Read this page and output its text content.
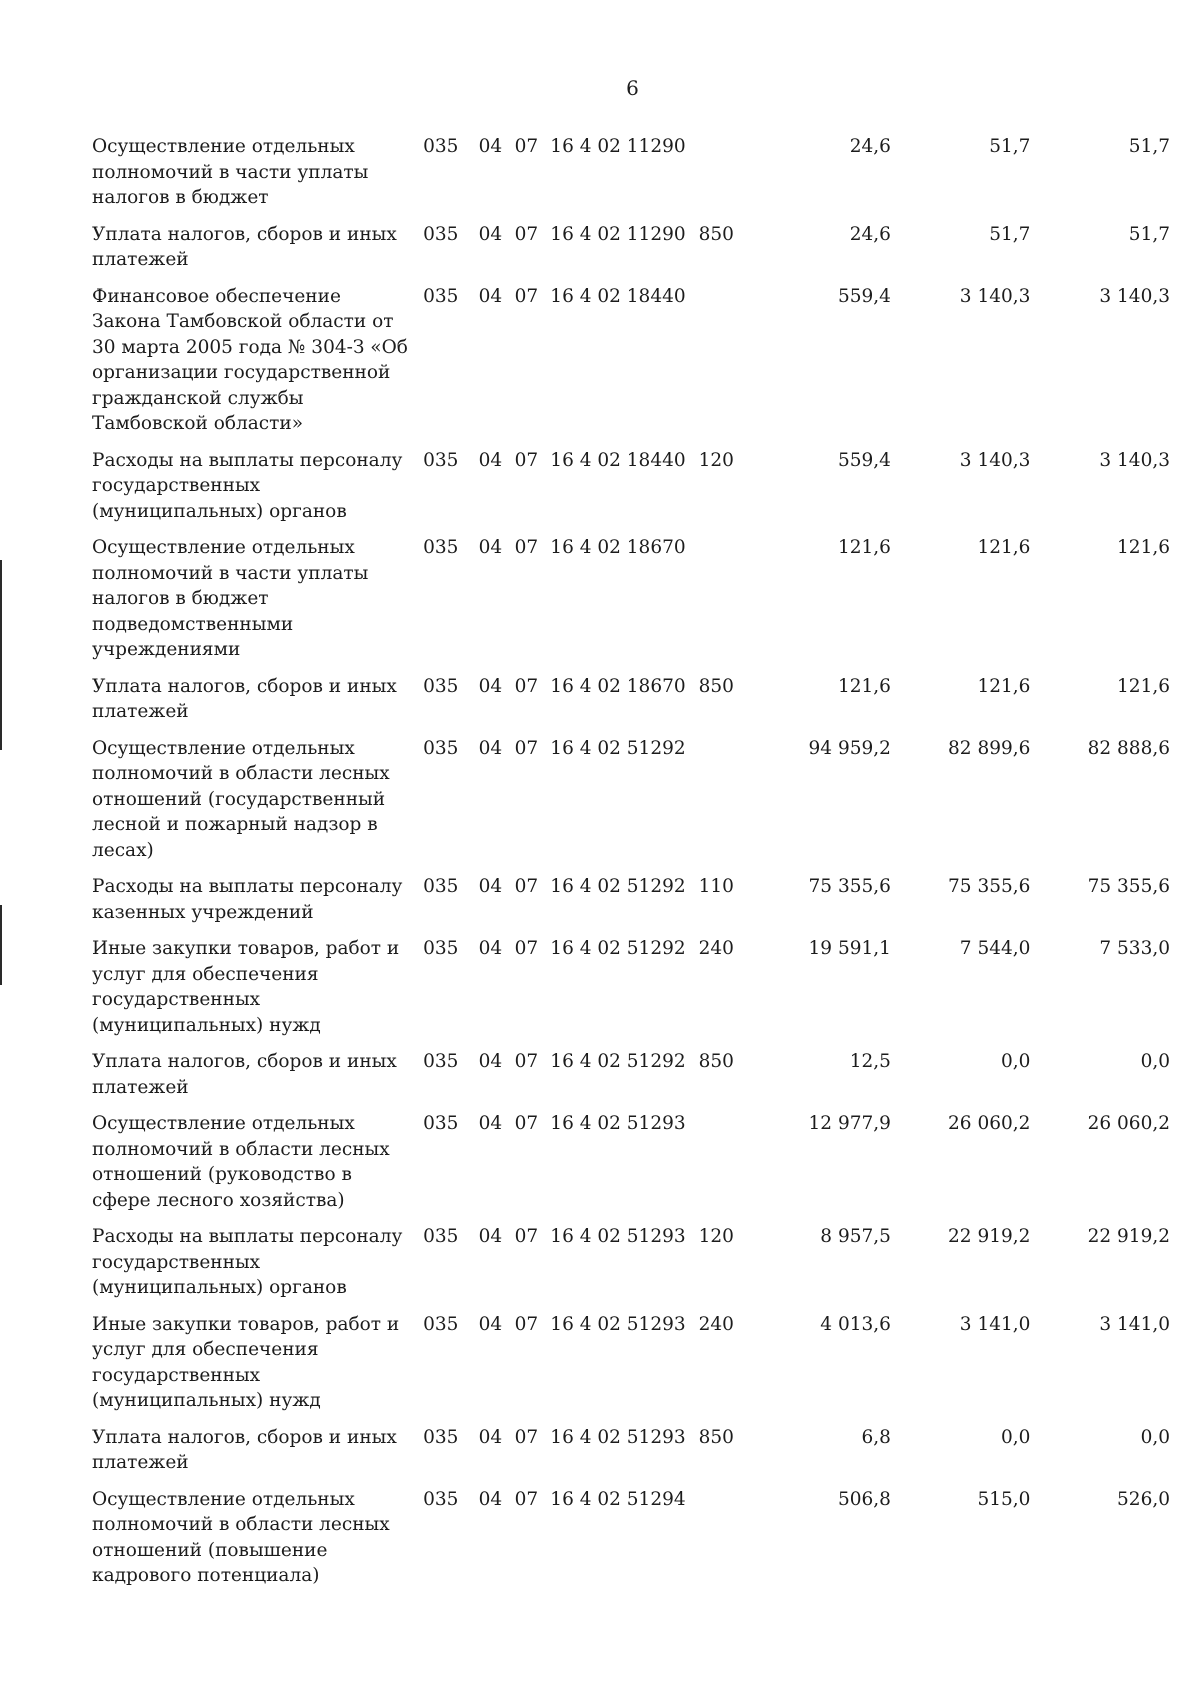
6
Осуществление отдельных полномочий в части уплаты налогов в бюджет	035	04	07	16 4 02 11290		24,6	51,7	51,7
Уплата налогов, сборов и иных платежей	035	04	07	16 4 02 11290	850	24,6	51,7	51,7
Финансовое обеспечение Закона Тамбовской области от 30 марта 2005 года № 304-З «Об организации государственной гражданской службы Тамбовской области»	035	04	07	16 4 02 18440		559,4	3 140,3	3 140,3
Расходы на выплаты персоналу государственных (муниципальных) органов	035	04	07	16 4 02 18440	120	559,4	3 140,3	3 140,3
Осуществление отдельных полномочий в части уплаты налогов в бюджет подведомственными учреждениями	035	04	07	16 4 02 18670		121,6	121,6	121,6
Уплата налогов, сборов и иных платежей	035	04	07	16 4 02 18670	850	121,6	121,6	121,6
Осуществление отдельных полномочий в области лесных отношений (государственный лесной и пожарный надзор в лесах)	035	04	07	16 4 02 51292		94 959,2	82 899,6	82 888,6
Расходы на выплаты персоналу казенных учреждений	035	04	07	16 4 02 51292	110	75 355,6	75 355,6	75 355,6
Иные закупки товаров, работ и услуг для обеспечения государственных (муниципальных) нужд	035	04	07	16 4 02 51292	240	19 591,1	7 544,0	7 533,0
Уплата налогов, сборов и иных платежей	035	04	07	16 4 02 51292	850	12,5	0,0	0,0
Осуществление отдельных полномочий в области лесных отношений (руководство в сфере лесного хозяйства)	035	04	07	16 4 02 51293		12 977,9	26 060,2	26 060,2
Расходы на выплаты персоналу государственных (муниципальных) органов	035	04	07	16 4 02 51293	120	8 957,5	22 919,2	22 919,2
Иные закупки товаров, работ и услуг для обеспечения государственных (муниципальных) нужд	035	04	07	16 4 02 51293	240	4 013,6	3 141,0	3 141,0
Уплата налогов, сборов и иных платежей	035	04	07	16 4 02 51293	850	6,8	0,0	0,0
Осуществление отдельных полномочий в области лесных отношений (повышение кадрового потенциала)	035	04	07	16 4 02 51294		506,8	515,0	526,0
